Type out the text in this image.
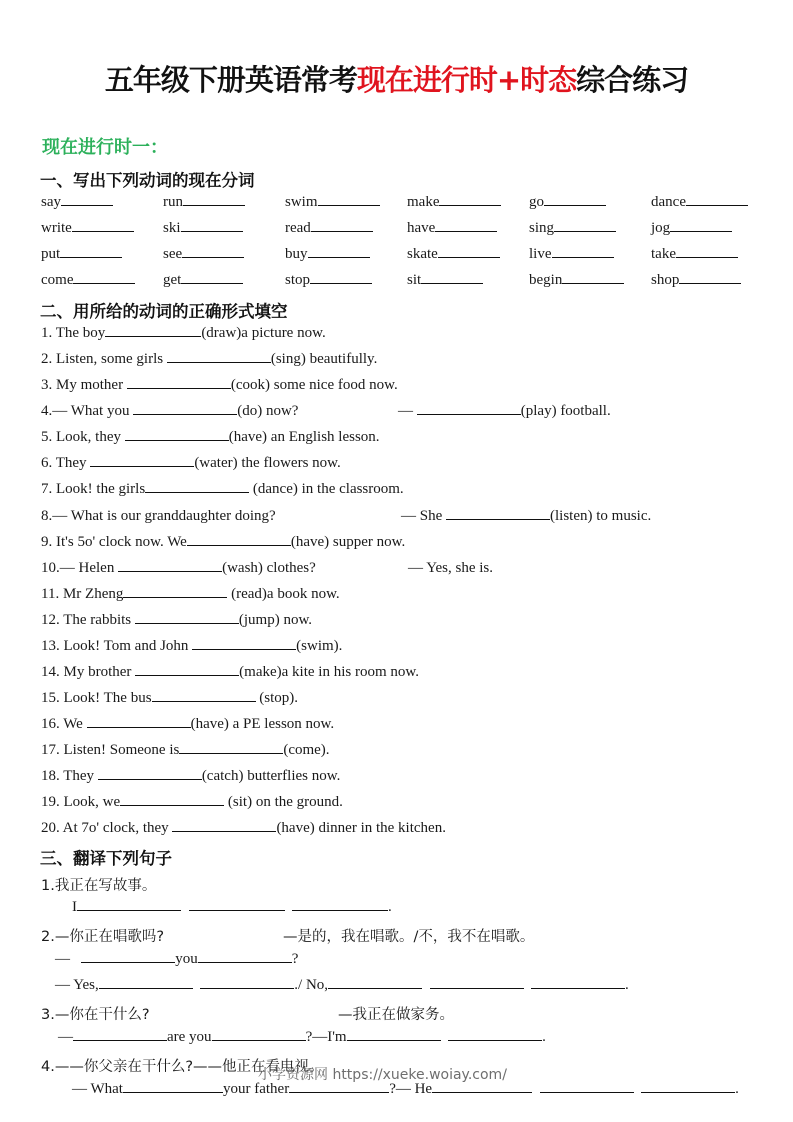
五年级下册英语常考现在进行时+时态综合练习
现在进行时一：
一、写出下列动词的现在分词
say	run	swim	make	go	dance
write	ski	read	have	sing	jog
put	see	buy	skate	live	take
come	get	stop	sit	begin	shop
二、用所给的动词的正确形式填空
1. The boy	(draw)a picture now.
2. Listen, some girls	(sing) beautifully.
3. My mother	(cook) some nice food now.
4.— What you	(do) now?	—	(play) football.
5. Look, they	(have) an English lesson.
6. They	(water) the flowers now.
7. Look! the girls	(dance) in the classroom.
8.— What is our granddaughter doing?	— She	(listen) to music.
9. It's 5o' clock now. We	(have) supper now.
10.— Helen	(wash) clothes?	— Yes, she is.
11. Mr Zheng	(read)a book now.
12. The rabbits	(jump) now.
13. Look! Tom and John	(swim).
14. My brother	(make)a kite in his room now.
15. Look! The bus	(stop).
16. We	(have) a PE lesson now.
17. Listen! Someone is	(come).
18. They	(catch) butterflies now.
19. Look, we	(sit) on the ground.
20. At 7o' clock, they	(have) dinner in the kitchen.
三、翻译下列句子
1.我正在写故事。
I	.
2.—你正在唱歌吗?	—是的，我在唱歌。/不，我不在唱歌。
—	you	?
— Yes,	./ No,	.
3.—你在干什么?	—我正在做家务。
—	are you	?—I'm	.
4.——你父亲在干什么?——他正在看电视。
— What	your father	?— He	.
小学资源网 https://xueke.woiay.com/
